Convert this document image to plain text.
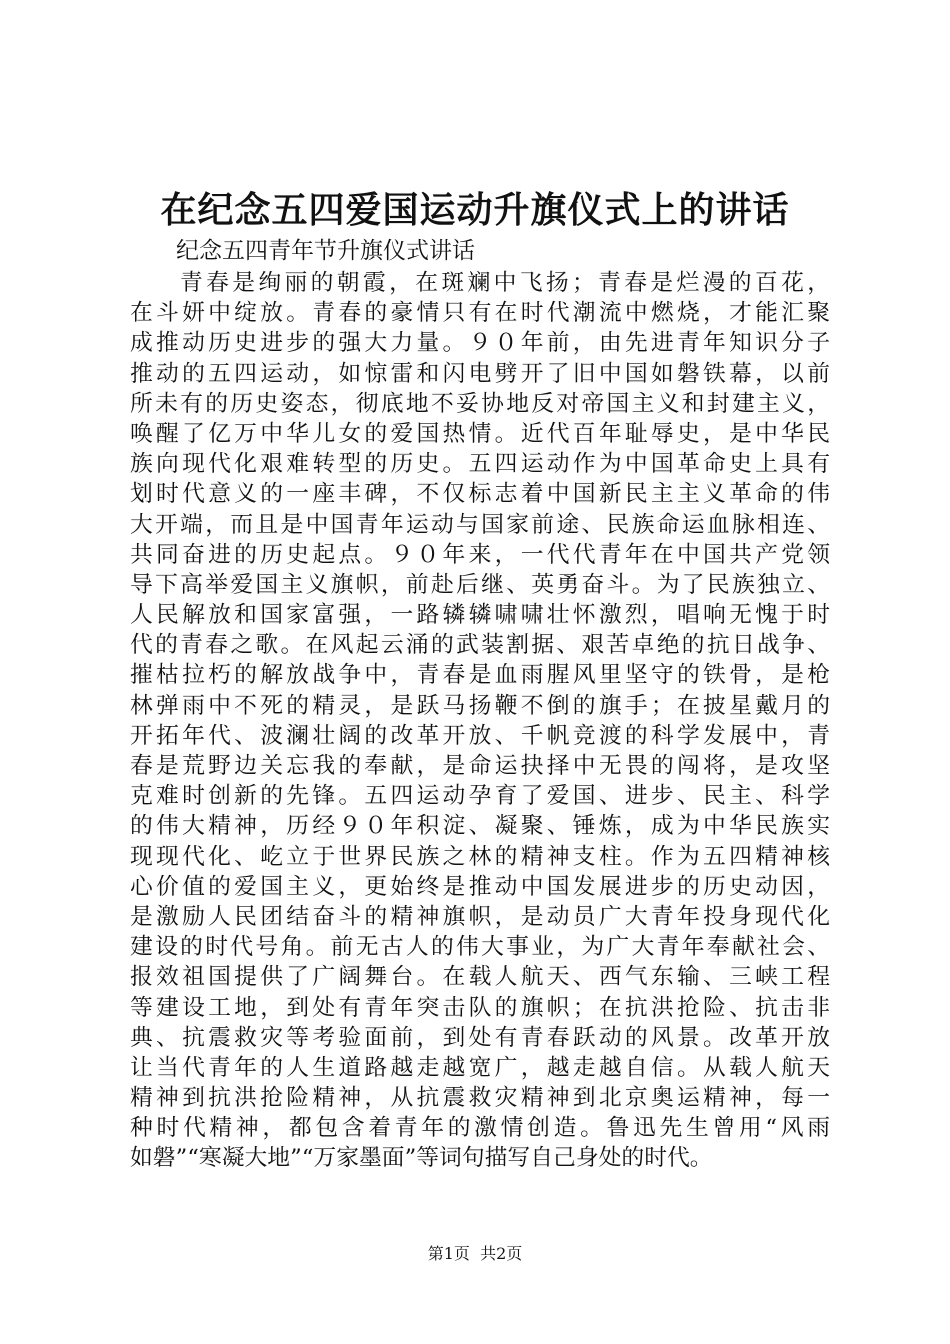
在纪念五四爱国运动升旗仪式上的讲话

纪念五四青年节升旗仪式讲话

青春是绚丽的朝霞，在斑斓中飞扬；青春是烂漫的百花，
在斗妍中绽放。青春的豪情只有在时代潮流中燃烧，才能汇聚
成推动历史进步的强大力量。９０年前，由先进青年知识分子
推动的五四运动，如惊雷和闪电劈开了旧中国如磐铁幕，以前
所未有的历史姿态，彻底地不妥协地反对帝国主义和封建主义，
唤醒了亿万中华儿女的爱国热情。近代百年耻辱史，是中华民
族向现代化艰难转型的历史。五四运动作为中国革命史上具有
划时代意义的一座丰碑，不仅标志着中国新民主主义革命的伟
大开端，而且是中国青年运动与国家前途、民族命运血脉相连、
共同奋进的历史起点。９０年来，一代代青年在中国共产党领
导下高举爱国主义旗帜，前赴后继、英勇奋斗。为了民族独立、
人民解放和国家富强，一路辚辚啸啸壮怀激烈，唱响无愧于时
代的青春之歌。在风起云涌的武装割据、艰苦卓绝的抗日战争、
摧枯拉朽的解放战争中，青春是血雨腥风里坚守的铁骨，是枪
林弹雨中不死的精灵，是跃马扬鞭不倒的旗手；在披星戴月的
开拓年代、波澜壮阔的改革开放、千帆竞渡的科学发展中，青
春是荒野边关忘我的奉献，是命运抉择中无畏的闯将，是攻坚
克难时创新的先锋。五四运动孕育了爱国、进步、民主、科学
的伟大精神，历经９０年积淀、凝聚、锤炼，成为中华民族实
现现代化、屹立于世界民族之林的精神支柱。作为五四精神核
心价值的爱国主义，更始终是推动中国发展进步的历史动因，
是激励人民团结奋斗的精神旗帜，是动员广大青年投身现代化
建设的时代号角。前无古人的伟大事业，为广大青年奉献社会、
报效祖国提供了广阔舞台。在载人航天、西气东输、三峡工程
等建设工地，到处有青年突击队的旗帜；在抗洪抢险、抗击非
典、抗震救灾等考验面前，到处有青春跃动的风景。改革开放
让当代青年的人生道路越走越宽广，越走越自信。从载人航天
精神到抗洪抢险精神，从抗震救灾精神到北京奥运精神，每一
种时代精神，都包含着青年的激情创造。鲁迅先生曾用“风雨
如磐”“寒凝大地”“万家墨面”等词句描写自己身处的时代。
第1页 共2页
